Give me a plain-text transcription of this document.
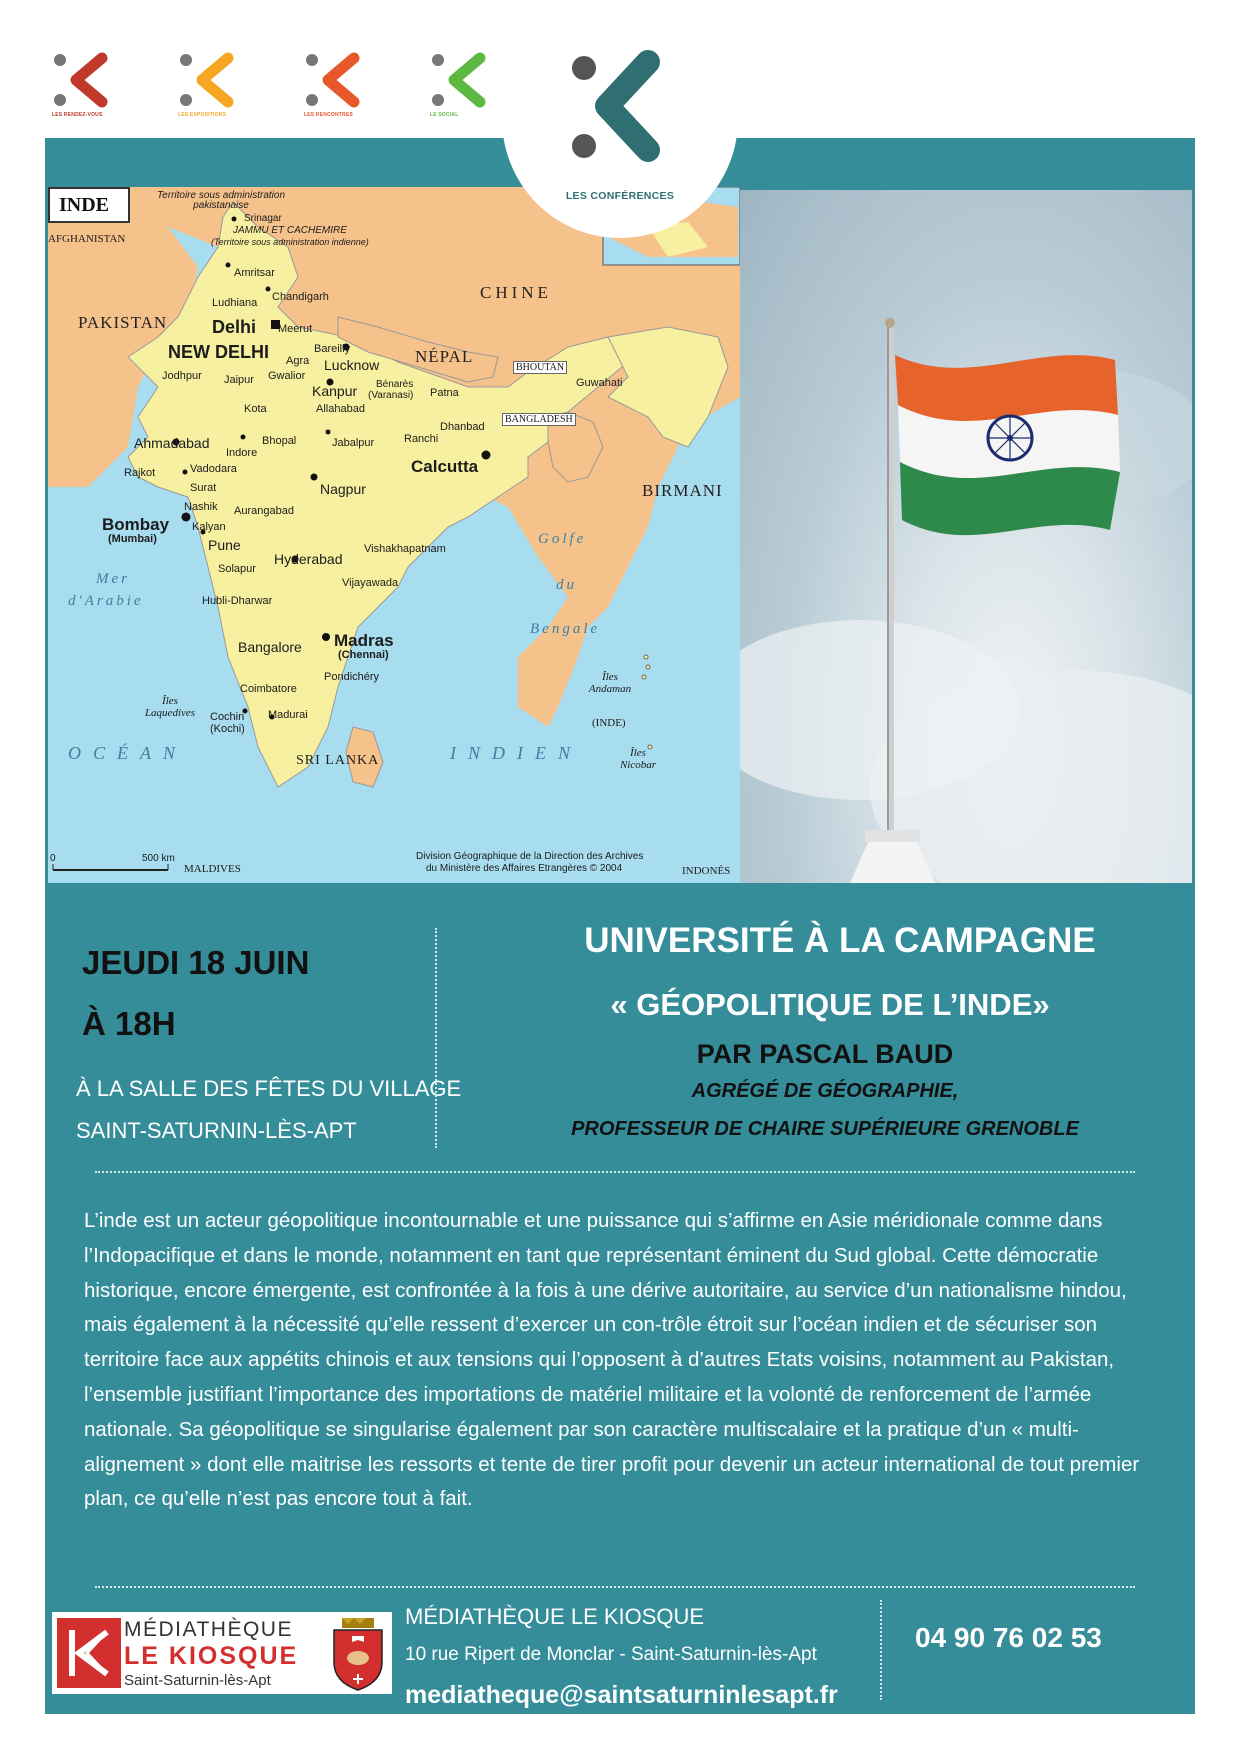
LES RENDEZ-VOUS	LES EXPOSITIONS	LES RENCONTRES	LE SOCIAL
INDE	Territoire sous administration pakistanaise
Srinagar
JAMMU ET CACHEMIRE
(Territoire sous administration indienne)
AFGHANISTAN
CHINE
PAKISTAN
Amritsar
Chandigarh
Ludhiana
Delhi Meerut
NEW DELHI	Bareilly
Agra Lucknow NÉPAL
BHOUTAN
Jodhpur Jaipur Gwalior
Kanpur Bénarès
(Varanasi) Patna
Guwahati
Allahabad
Kota
BANGLADESH
Dhanbad
Ranchi
Ahmadabad	Bhopal	Jabalpur
Indore
Calcutta
Rajkot	Vadodara
BIRMANI
Surat	Nagpur
Nashik Aurangabad
Bombay
(Mumbai)
Kalyan
Pune	Golfe
Vishakhapatnam
Hyderabad
Solapur
Mer	Vijayawada	du
d'Arabie	Hubli-Dharwar
Bengale
Bangalore Madras
(Chennai)
Pondichéry	Îles Andaman
Coimbatore
Îles Laquedives	Madurai
Cochin	(INDE)
(Kochi)
OCÉAN	INDIEN	Îles Nicobar
SRI LANKA
0	500 km
MALDIVES
Division Géographique de la Direction des Archives
du Ministère des Affaires Etrangères © 2004	INDONÉS
LES CONFÉRENCES
JEUDI 18 JUIN
À 18H
À LA SALLE DES FÊTES DU VILLAGE
SAINT-SATURNIN-LÈS-APT
UNIVERSITÉ À LA CAMPAGNE
« GÉOPOLITIQUE DE L’INDE»
PAR PASCAL BAUD
AGRÉGÉ DE GÉOGRAPHIE,
PROFESSEUR DE CHAIRE SUPÉRIEURE GRENOBLE

L’inde est un acteur géopolitique incontournable et une puissance qui s’affirme en Asie méridionale comme dans l’Indopacifique et dans le monde, notamment en tant que représentant éminent du Sud global. Cette démocratie historique, encore émergente, est confrontée à la fois à une dérive autoritaire, au service d’un nationalisme hindou, mais également à la nécessité qu’elle ressent d’exercer un con-trôle étroit sur l’océan indien et de sécuriser son territoire face aux appétits chinois et aux tensions qui l’opposent à d’autres Etats voisins, notamment au Pakistan, l’ensemble justifiant l’importance des importations de matériel militaire et la volonté de renforcement de l’armée nationale. Sa géopolitique se singularise également par son caractère multiscalaire et la pratique d’un « multi-alignement » dont elle maitrise les ressorts et tente de tirer profit pour devenir un acteur international de tout premier plan, ce qu’elle n’est pas encore tout à fait.

MÉDIATHÈQUE
LE KIOSQUE
Saint-Saturnin-lès-Apt
MÉDIATHÈQUE LE KIOSQUE
10 rue Ripert de Monclar - Saint-Saturnin-lès-Apt
mediatheque@saintsaturninlesapt.fr
04 90 76 02 53
